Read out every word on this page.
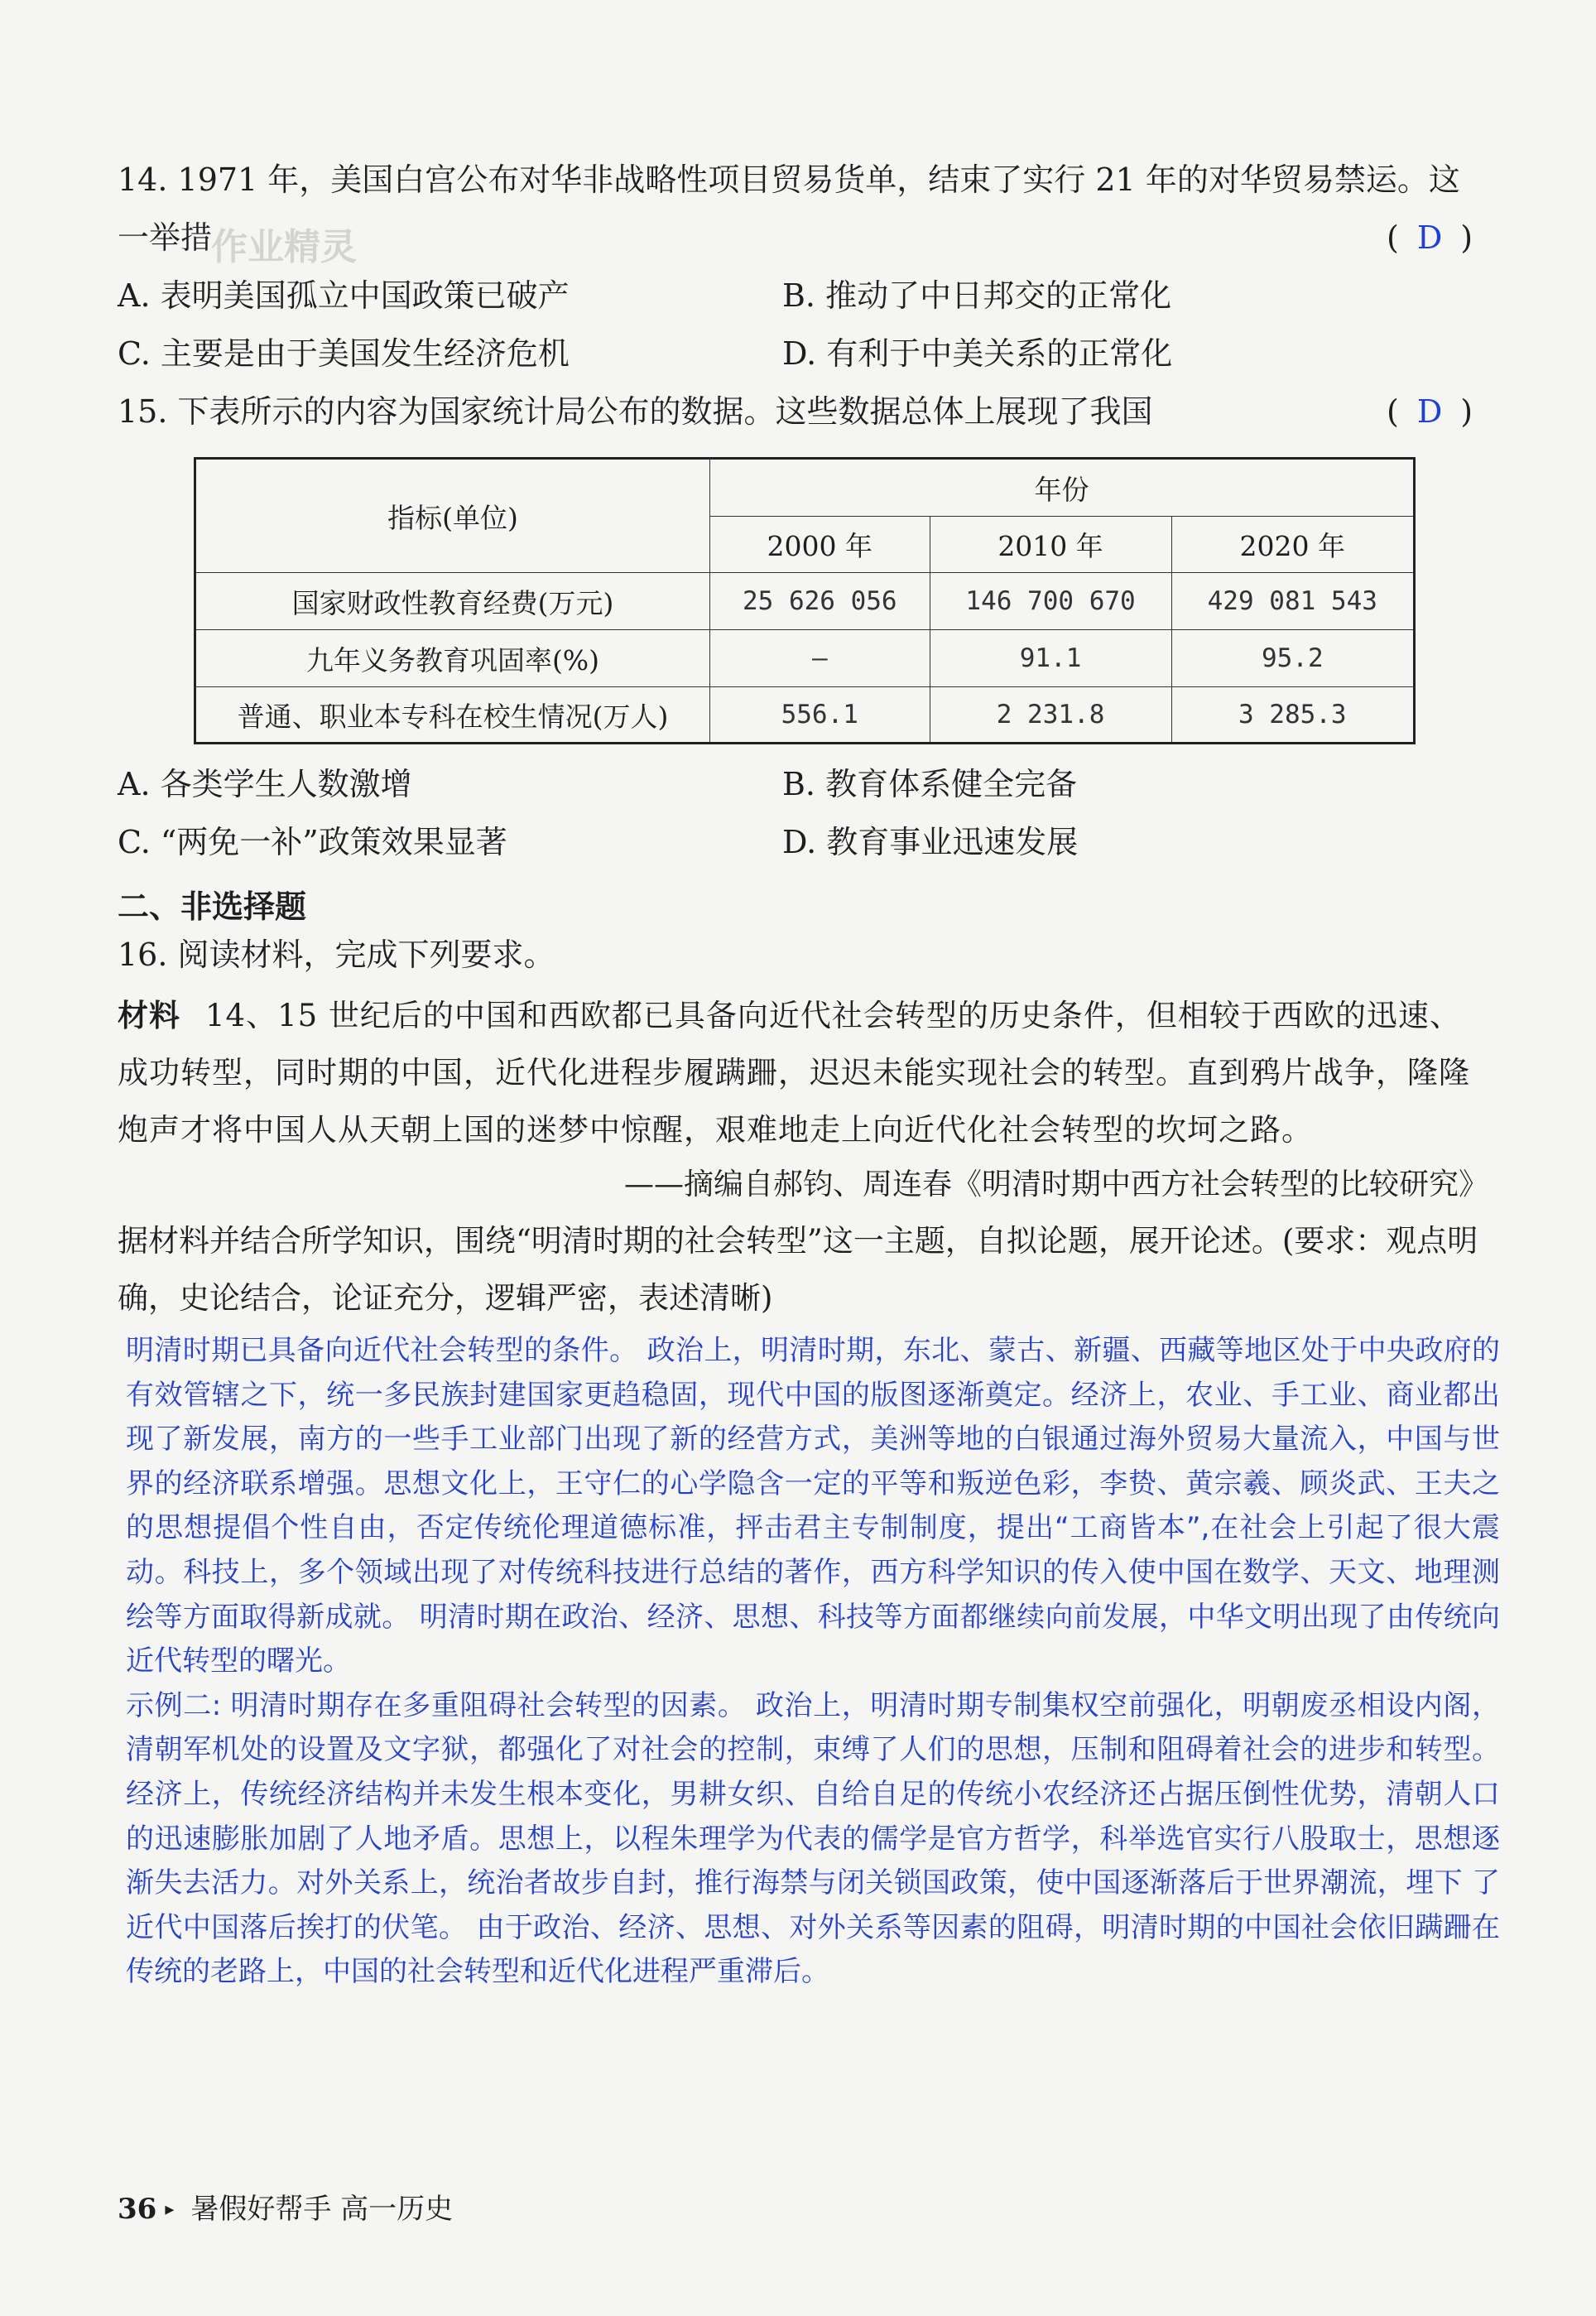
14. 1971 年，美国白宫公布对华非战略性项目贸易货单，结束了实行 21 年的对华贸易禁运。这
一举措
作业精灵	( D )
A. 表明美国孤立中国政策已破产	B. 推动了中日邦交的正常化
C. 主要是由于美国发生经济危机	D. 有利于中美关系的正常化
15. 下表所示的内容为国家统计局公布的数据。这些数据总体上展现了我国	( D )
指标(单位)	年份		
	2000 年	2010 年	2020 年
国家财政性教育经费(万元)	25 626 056	146 700 670	429 081 543
九年义务教育巩固率(%)	—	91.1	95.2
普通、职业本专科在校生情况(万人)	556.1	2 231.8	3 285.3
A. 各类学生人数激增	B. 教育体系健全完备
C. “两免一补”政策效果显著	D. 教育事业迅速发展
二、非选择题
16. 阅读材料，完成下列要求。
材料 14、15 世纪后的中国和西欧都已具备向近代社会转型的历史条件，但相较于西欧的迅速、成功转型，同时期的中国，近代化进程步履蹒跚，迟迟未能实现社会的转型。直到鸦片战争，隆隆炮声才将中国人从天朝上国的迷梦中惊醒，艰难地走上向近代化社会转型的坎坷之路。
——摘编自郝钧、周连春《明清时期中西方社会转型的比较研究》
据材料并结合所学知识，围绕“明清时期的社会转型”这一主题，自拟论题，展开论述。(要求：观点明确，史论结合，论证充分，逻辑严密，表述清晰)

明清时期已具备向近代社会转型的条件。 政治上，明清时期，东北、蒙古、新疆、西藏等地区处于中央政府的有效管辖之下，统一多民族封建国家更趋稳固，现代中国的版图逐渐奠定。经济上，农业、手工业、商业都出现了新发展，南方的一些手工业部门出现了新的经营方式，美洲等地的白银通过海外贸易大量流入，中国与世界的经济联系增强。思想文化上，王守仁的心学隐含一定的平等和叛逆色彩，李贽、黄宗羲、顾炎武、王夫之的思想提倡个性自由，否定传统伦理道德标准，抨击君主专制制度，提出“工商皆本”,在社会上引起了很大震动。科技上，多个领域出现了对传统科技进行总结的著作，西方科学知识的传入使中国在数学、天文、地理测绘等方面取得新成就。 明清时期在政治、经济、思想、科技等方面都继续向前发展，中华文明出现了由传统向近代转型的曙光。

示例二: 明清时期存在多重阻碍社会转型的因素。 政治上，明清时期专制集权空前强化，明朝废丞相设内阁，清朝军机处的设置及文字狱，都强化了对社会的控制，束缚了人们的思想，压制和阻碍着社会的进步和转型。经济上，传统经济结构并未发生根本变化，男耕女织、自给自足的传统小农经济还占据压倒性优势，清朝人口的迅速膨胀加剧了人地矛盾。思想上，以程朱理学为代表的儒学是官方哲学，科举选官实行八股取士，思想逐渐失去活力。对外关系上，统治者故步自封，推行海禁与闭关锁国政策，使中国逐渐落后于世界潮流，埋下 了近代中国落后挨打的伏笔。 由于政治、经济、思想、对外关系等因素的阻碍，明清时期的中国社会依旧蹒跚在传统的老路上，中国的社会转型和近代化进程严重滞后。

36 ▸ 暑假好帮手 高一历史
